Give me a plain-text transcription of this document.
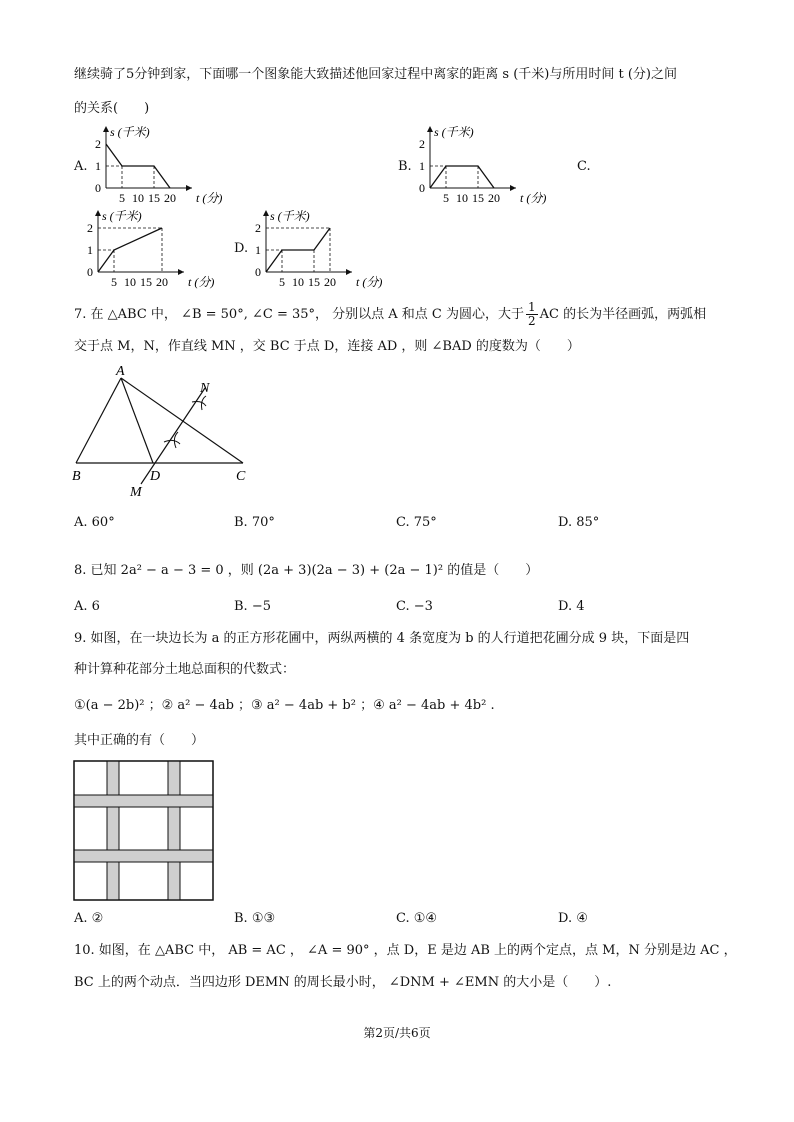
继续骑了5分钟到家，下面哪一个图象能大致描述他回家过程中离家的距离 s (千米)与所用时间 t (分)之间
的关系(　　)
A.
s (千米)
t (分)
2
1
0
5 10 15 20
B.
s (千米)
t (分)
2
1
0
5 10 15 20
C.
s (千米)
t (分)
2
1
0
5 10 15 20
D.
s (千米)
t (分)
2
1
0
5 10 15 20
7. 在 △ABC 中， ∠B = 50°, ∠C = 35°， 分别以点 A 和点 C 为圆心，大于 $\frac{1}{2}$ AC 的长为半径画弧，两弧相
交于点 M，N，作直线 MN ，交 BC 于点 D，连接 AD ，则 ∠BAD 的度数为（　　）
A
B	C
D
M
N
A. 60°	B. 70°	C. 75°	D. 85°
8. 已知 2a² − a − 3 = 0 ，则 (2a + 3)(2a − 3) + (2a − 1)² 的值是（　　）
A. 6	B. −5	C. −3	D. 4
9. 如图，在一块边长为 a 的正方形花圃中，两纵两横的 4 条宽度为 b 的人行道把花圃分成 9 块，下面是四
种计算种花部分土地总面积的代数式：
①(a − 2b)² ；② a² − 4ab ；③ a² − 4ab + b² ；④ a² − 4ab + 4b² .
其中正确的有（　　）
A. ②	B. ①③	C. ①④	D. ④
10. 如图，在 △ABC 中， AB = AC ， ∠A = 90° ，点 D，E 是边 AB 上的两个定点，点 M，N 分别是边 AC ，
BC 上的两个动点．当四边形 DEMN 的周长最小时， ∠DNM + ∠EMN 的大小是（　　）.
第2页/共6页
